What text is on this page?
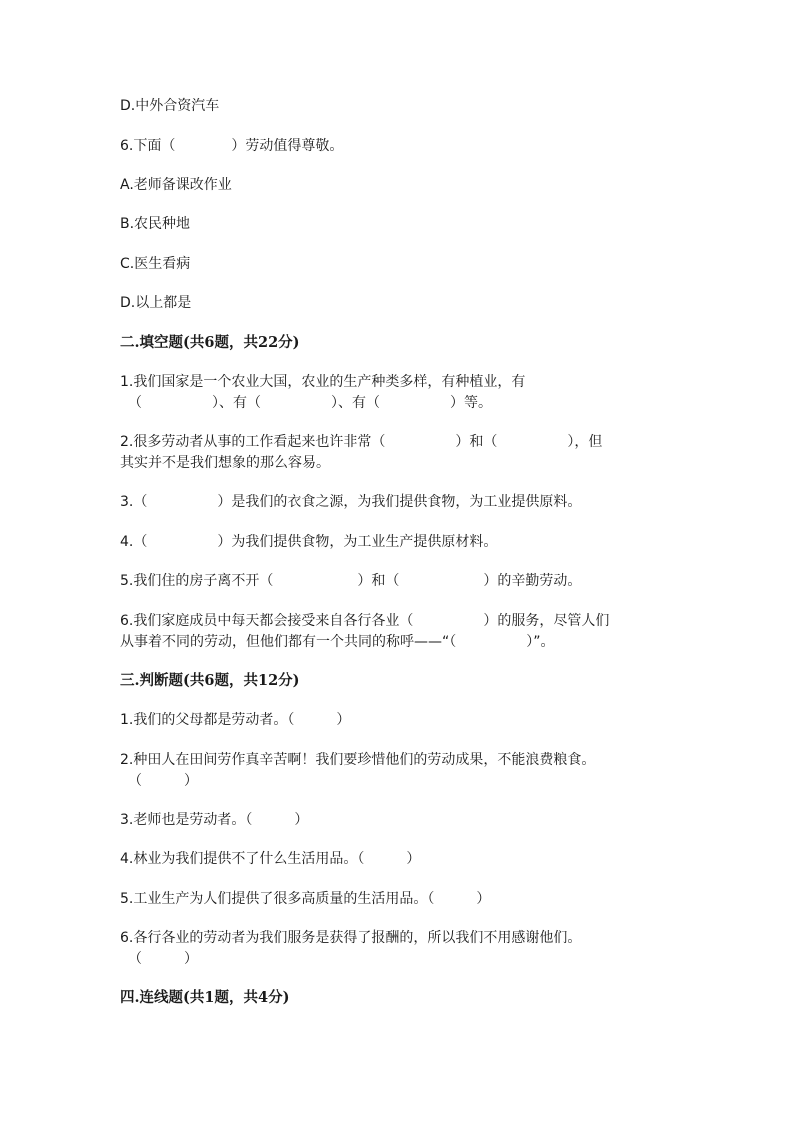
D.中外合资汽车
6.下面（　　　　）劳动值得尊敬。
A.老师备课改作业
B.农民种地
C.医生看病
D.以上都是
二.填空题(共6题，共22分)
1.我们国家是一个农业大国，农业的生产种类多样，有种植业，有
（　　　　　）、有（　　　　　）、有（　　　　　）等。
2.很多劳动者从事的工作看起来也许非常（　　　　　）和（　　　　　），但
其实并不是我们想象的那么容易。
3.（　　　　　）是我们的衣食之源，为我们提供食物，为工业提供原料。
4.（　　　　　）为我们提供食物，为工业生产提供原材料。
5.我们住的房子离不开（　　　　　　）和（　　　　　　）的辛勤劳动。
6.我们家庭成员中每天都会接受来自各行各业（　　　　　）的服务，尽管人们
从事着不同的劳动，但他们都有一个共同的称呼——“（　　　　　）”。
三.判断题(共6题，共12分)
1.我们的父母都是劳动者。（　　　）
2.种田人在田间劳作真辛苦啊！我们要珍惜他们的劳动成果，不能浪费粮食。
（　　　）
3.老师也是劳动者。（　　　）
4.林业为我们提供不了什么生活用品。（　　　）
5.工业生产为人们提供了很多高质量的生活用品。（　　　）
6.各行各业的劳动者为我们服务是获得了报酬的，所以我们不用感谢他们。
（　　　）
四.连线题(共1题，共4分)
